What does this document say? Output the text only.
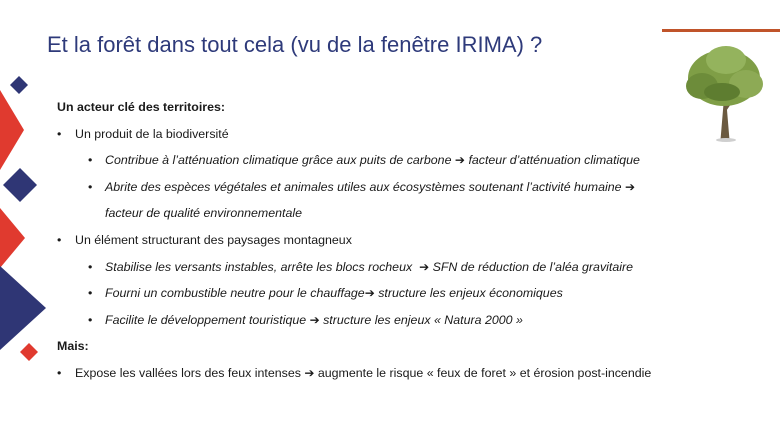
Et la forêt dans tout cela (vu de la fenêtre IRIMA) ?
Un acteur clé des territoires:
• Un produit de la biodiversité
• Contribue à l’atténuation climatique grâce aux puits de carbone ➔ facteur d’atténuation climatique
• Abrite des espèces végétales et animales utiles aux écosystèmes soutenant l’activité humaine ➔
facteur de qualité environnementale
• Un élément structurant des paysages montagneux
• Stabilise les versants instables, arrête les blocs rocheux ➔ SFN de réduction de l’aléa gravitaire
• Fourni un combustible neutre pour le chauffage➔ structure les enjeux économiques
• Facilite le développement touristique ➔ structure les enjeux « Natura 2000 »
Mais:
• Expose les vallées lors des feux intenses ➔ augmente le risque « feux de foret » et érosion post-incendie
